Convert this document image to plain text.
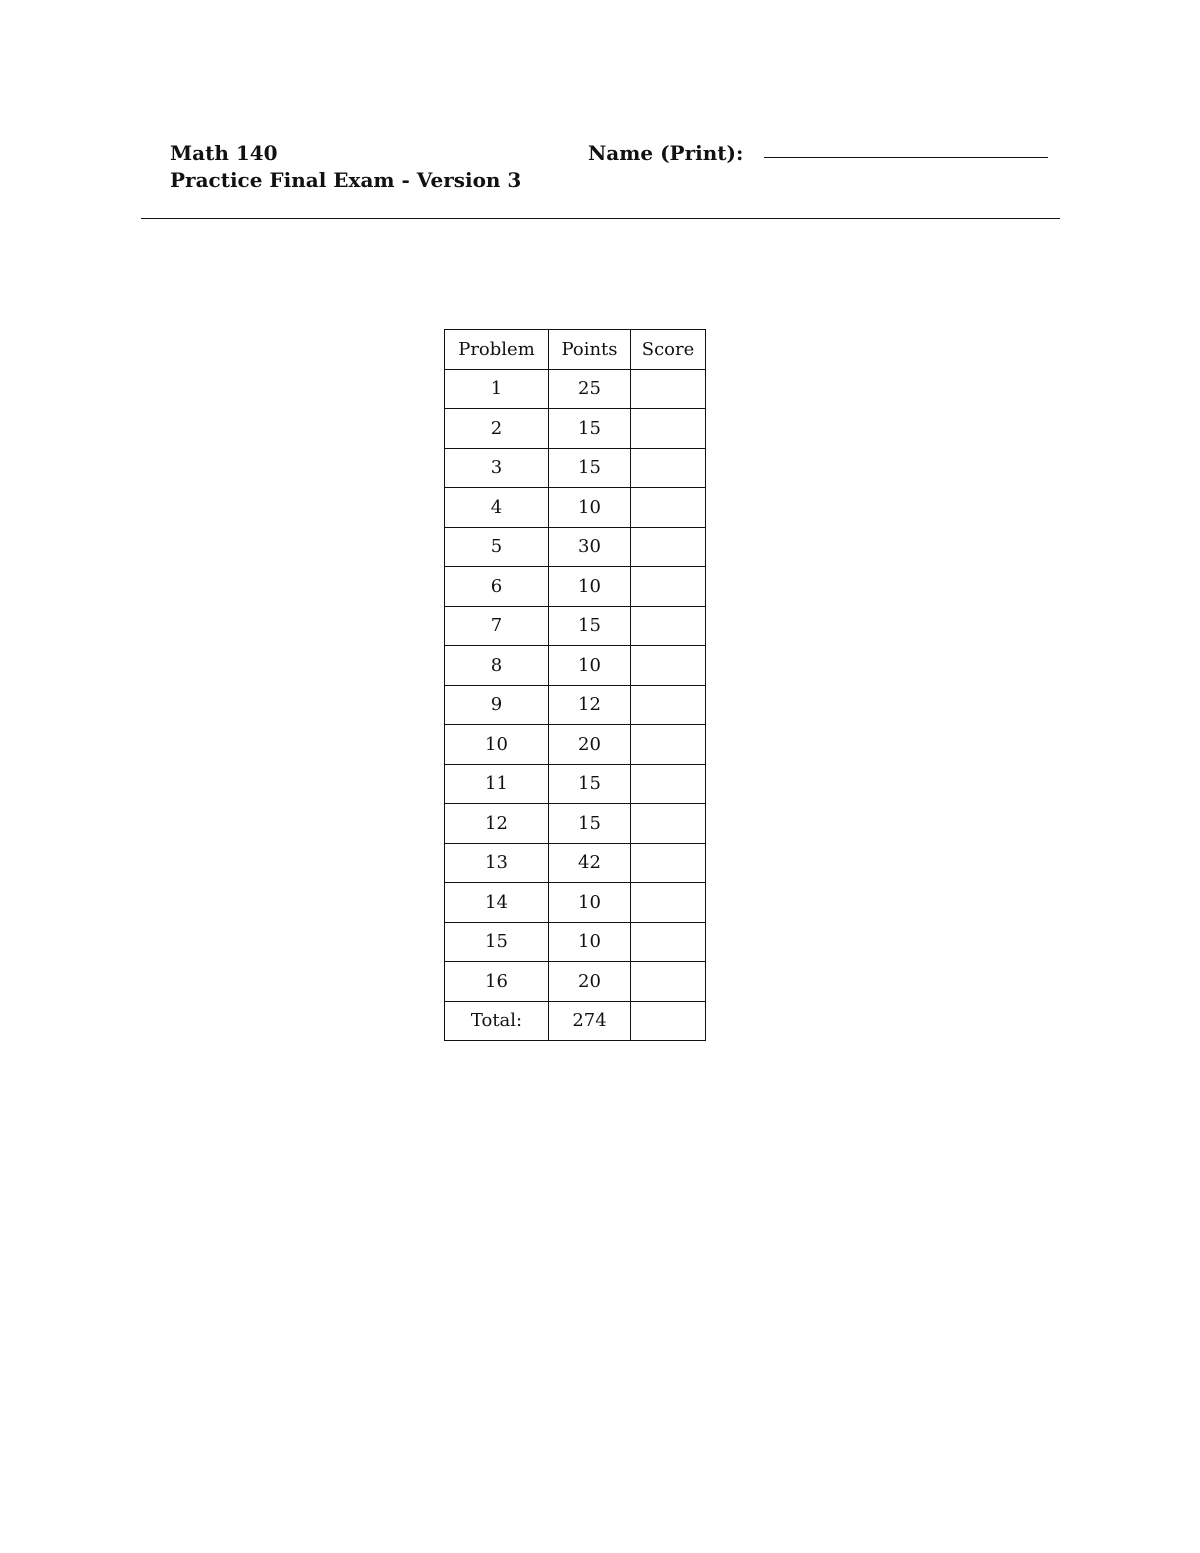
Math 140
Practice Final Exam - Version 3
Name (Print):
Problem	Points	Score
1	25	
2	15	
3	15	
4	10	
5	30	
6	10	
7	15	
8	10	
9	12	
10	20	
11	15	
12	15	
13	42	
14	10	
15	10	
16	20	
Total:	274	
